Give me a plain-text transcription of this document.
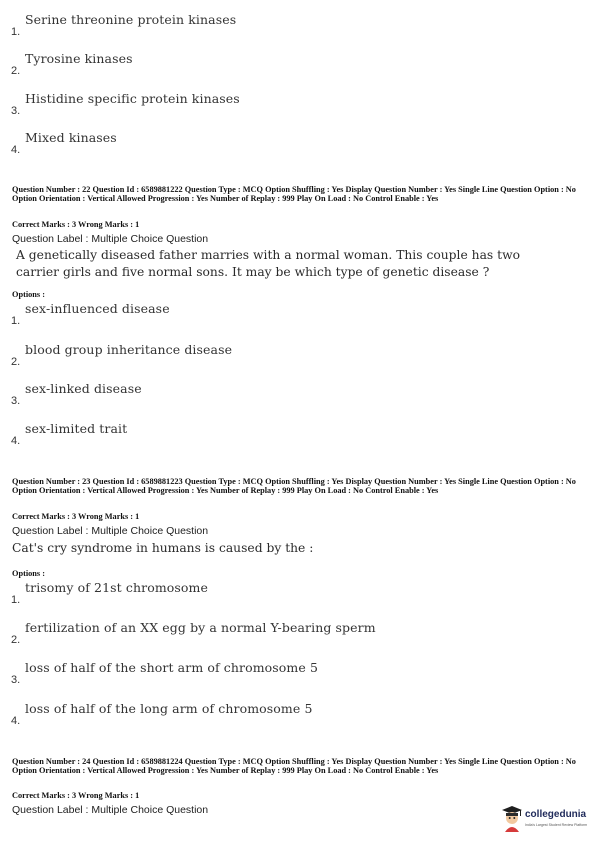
1.
Serine threonine protein kinases
2.
Tyrosine kinases
3.
Histidine specific protein kinases
4.
Mixed kinases
Question Number : 22 Question Id : 6589881222 Question Type : MCQ Option Shuffling : Yes Display Question Number : Yes Single Line Question Option : No Option Orientation : Vertical Allowed Progression : Yes Number of Replay : 999 Play On Load : No Control Enable : Yes
Correct Marks : 3 Wrong Marks : 1
Question Label : Multiple Choice Question
A genetically diseased father marries with a normal woman. This couple has two carrier girls and five normal sons. It may be which type of genetic disease ?
Options :
1.
sex-influenced disease
2.
blood group inheritance disease
3.
sex-linked disease
4.
sex-limited trait
Question Number : 23 Question Id : 6589881223 Question Type : MCQ Option Shuffling : Yes Display Question Number : Yes Single Line Question Option : No Option Orientation : Vertical Allowed Progression : Yes Number of Replay : 999 Play On Load : No Control Enable : Yes
Correct Marks : 3 Wrong Marks : 1
Question Label : Multiple Choice Question
Cat's cry syndrome in humans is caused by the :
Options :
1.
trisomy of 21st chromosome
2.
fertilization of an XX egg by a normal Y-bearing sperm
3.
loss of half of the short arm of chromosome 5
4.
loss of half of the long arm of chromosome 5
Question Number : 24 Question Id : 6589881224 Question Type : MCQ Option Shuffling : Yes Display Question Number : Yes Single Line Question Option : No Option Orientation : Vertical Allowed Progression : Yes Number of Replay : 999 Play On Load : No Control Enable : Yes
Correct Marks : 3 Wrong Marks : 1
Question Label : Multiple Choice Question	collegedunia
India's Largest Student Review Platform
